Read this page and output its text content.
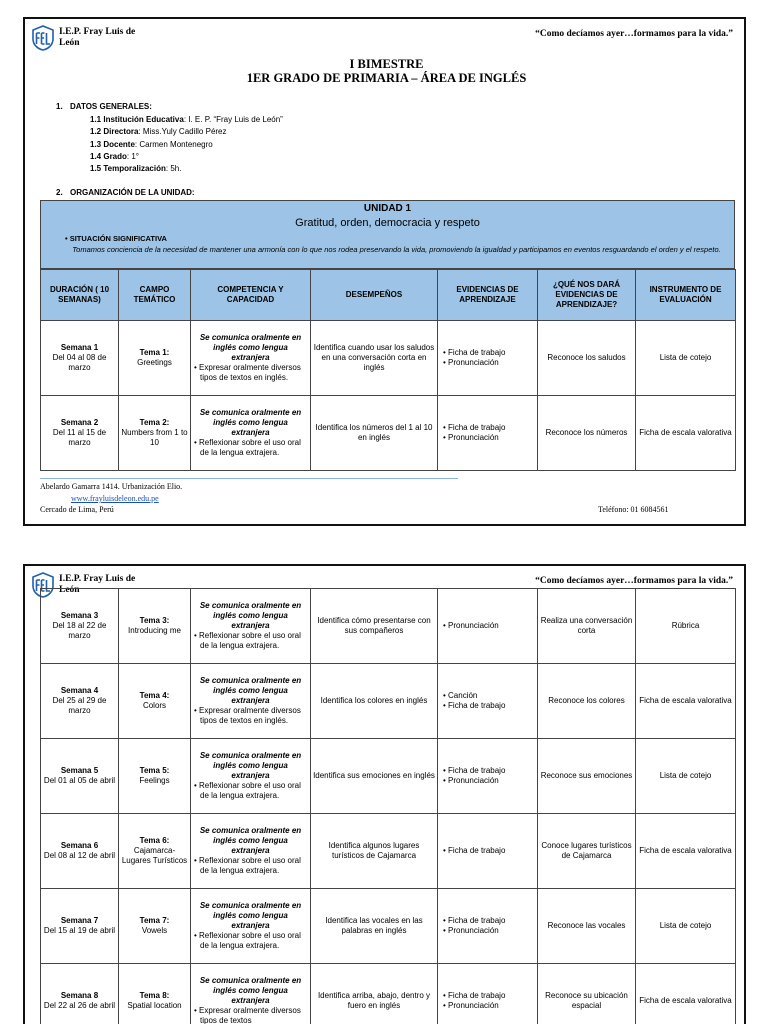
I.E.P. Fray Luis de León
“Como decíamos ayer…formamos para la vida.”
I BIMESTRE
1ER GRADO DE PRIMARIA – ÁREA DE INGLÉS
1. DATOS GENERALES:
1.1 Institución Educativa: I. E. P. “Fray Luis de León”
1.2 Directora: Miss.Yuly Cadillo Pérez
1.3 Docente: Carmen Montenegro
1.4 Grado: 1°
1.5 Temporalización: 5h.
2. ORGANIZACIÓN DE LA UNIDAD:
UNIDAD 1
Gratitud, orden, democracia y respeto
• SITUACIÓN SIGNIFICATIVA
Tomamos conciencia de la necesidad de mantener una armonía con lo que nos rodea preservando la vida, promoviendo la igualdad y participamos en eventos resguardando el orden y el respeto.
DURACIÓN ( 10 SEMANAS)	CAMPO TEMÁTICO	COMPETENCIA Y CAPACIDAD	DESEMPEÑOS	EVIDENCIAS DE APRENDIZAJE	¿QUÉ NOS DARÁ EVIDENCIAS DE APRENDIZAJE?	INSTRUMENTO DE EVALUACIÓN
Semana 1
Del 04 al 08 de marzo	Tema 1:
Greetings	Se comunica oralmente en inglés como lengua extranjera
• Expresar oralmente diversos tipos de textos en inglés.	Identifica cuando usar los saludos en una conversación corta en inglés	• Ficha de trabajo
• Pronunciación	Reconoce los saludos	Lista de cotejo
Semana 2
Del 11 al 15 de marzo	Tema 2:
Numbers from 1 to 10	Se comunica oralmente en inglés como lengua extranjera
• Reflexionar sobre el uso oral de la lengua extrajera.	Identifica los números del 1 al 10 en inglés	• Ficha de trabajo
• Pronunciación	Reconoce los números	Ficha de escala valorativa
Abelardo Gamarra 1414. Urbanización Elio.
www.frayluisdeleon.edu.pe
Cercado de Lima, Perú	Teléfono: 01 6084561
I.E.P. Fray Luis de León
“Como decíamos ayer…formamos para la vida.”
Semana 3
Del 18 al 22 de marzo	Tema 3:
Introducing me	Se comunica oralmente en inglés como lengua extranjera
• Reflexionar sobre el uso oral de la lengua extrajera.	Identifica cómo presentarse con sus compañeros	• Pronunciación	Realiza una conversación corta	Rúbrica
Semana 4
Del 25 al 29 de marzo	Tema 4:
Colors	Se comunica oralmente en inglés como lengua extranjera
• Expresar oralmente diversos tipos de textos en inglés.	Identifica los colores en inglés	• Canción
• Ficha de trabajo	Reconoce los colores	Ficha de escala valorativa
Semana 5
Del 01 al 05 de abril	Tema 5:
Feelings	Se comunica oralmente en inglés como lengua extranjera
• Reflexionar sobre el uso oral de la lengua extrajera.	Identifica sus emociones en inglés	• Ficha de trabajo
• Pronunciación	Reconoce sus emociones	Lista de cotejo
Semana 6
Del 08 al 12 de abril	Tema 6:
Cajamarca-Lugares Turísticos	Se comunica oralmente en inglés como lengua extranjera
• Reflexionar sobre el uso oral de la lengua extrajera.	Identifica algunos lugares turísticos de Cajamarca	• Ficha de trabajo	Conoce lugares turísticos de Cajamarca	Ficha de escala valorativa
Semana 7
Del 15 al 19 de abril	Tema 7:
Vowels	Se comunica oralmente en inglés como lengua extranjera
• Reflexionar sobre el uso oral de la lengua extrajera.	Identifica las vocales en las palabras en inglés	• Ficha de trabajo
• Pronunciación	Reconoce las vocales	Lista de cotejo
Semana 8
Del 22 al 26 de abril	Tema 8:
Spatial location	Se comunica oralmente en inglés como lengua extranjera
• Expresar oralmente diversos tipos de textos	Identifica arriba, abajo, dentro y fuero en inglés	• Ficha de trabajo
• Pronunciación	Reconoce su ubicación espacial	Ficha de escala valorativa
